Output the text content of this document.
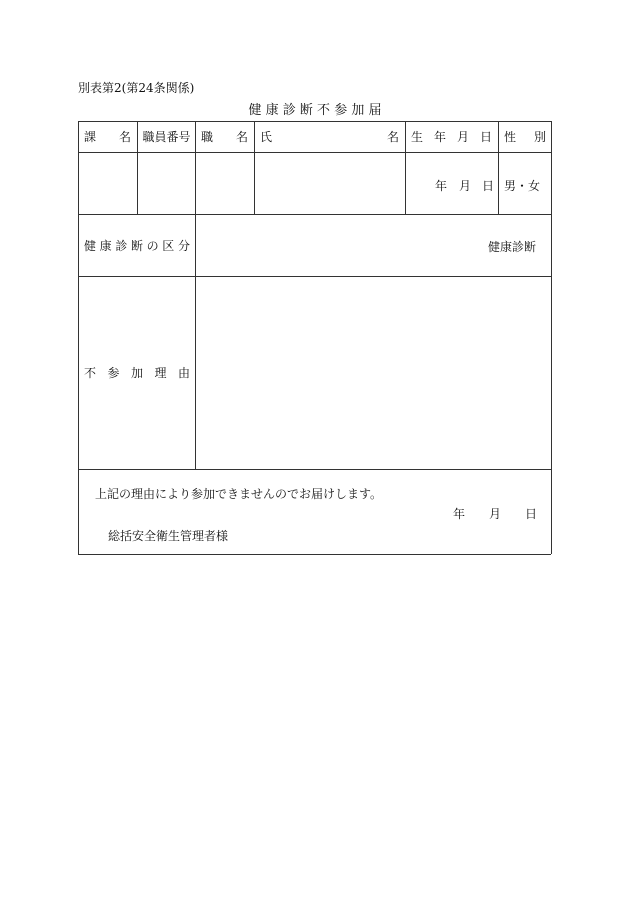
別表第2(第24条関係)
健 康 診 断 不 参 加 届
課 名 職員番号 職 名 氏	名 生 年 月 日 性 別
年 月 日 男・女
健 康 診 断 の 区 分	健康診断
不 参 加 理 由
上記の理由により参加できませんのでお届けします。
年 月 日
総括安全衛生管理者様
